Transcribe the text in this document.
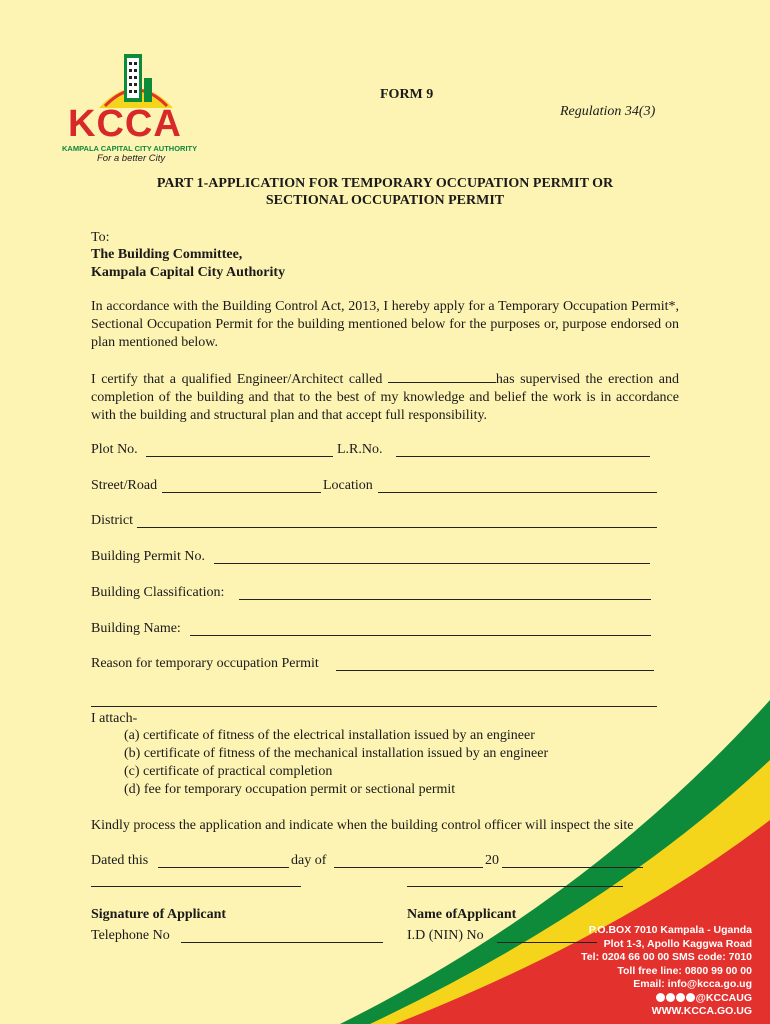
KCCA
KAMPALA CAPITAL CITY AUTHORITY
For a better City
FORM 9
Regulation 34(3)
PART 1-APPLICATION FOR TEMPORARY OCCUPATION PERMIT OR
SECTIONAL OCCUPATION PERMIT
To:
The Building Committee,
Kampala Capital City Authority
In accordance with the Building Control Act, 2013, I hereby apply for a Temporary Occupation Permit*, Sectional Occupation Permit for the building mentioned below for the purposes or, purpose endorsed on plan mentioned below.
I certify that a qualified Engineer/Architect called	has supervised the erection and completion of the building and that to the best of my knowledge and belief the work is in accordance with the building and structural plan and that accept full responsibility.
Plot No.	L.R.No.
Street/Road	Location
District
Building Permit No.
Building Classification:
Building Name:
Reason for temporary occupation Permit
I attach-
(a) certificate of fitness of the electrical installation issued by an engineer
(b) certificate of fitness of the mechanical installation issued by an engineer
(c) certificate of practical completion
(d) fee for temporary occupation permit or sectional permit
Kindly process the application and indicate when the building control officer will inspect the site
Dated this	day of	20
Signature of Applicant	Name ofApplicant
Telephone No	I.D (NIN) No	P.O.BOX 7010 Kampala - Uganda
Plot 1-3, Apollo Kaggwa Road
Tel: 0204 66 00 00 SMS code: 7010
Toll free line: 0800 99 00 00
Email: info@kcca.go.ug
@KCCAUG
WWW.KCCA.GO.UG
